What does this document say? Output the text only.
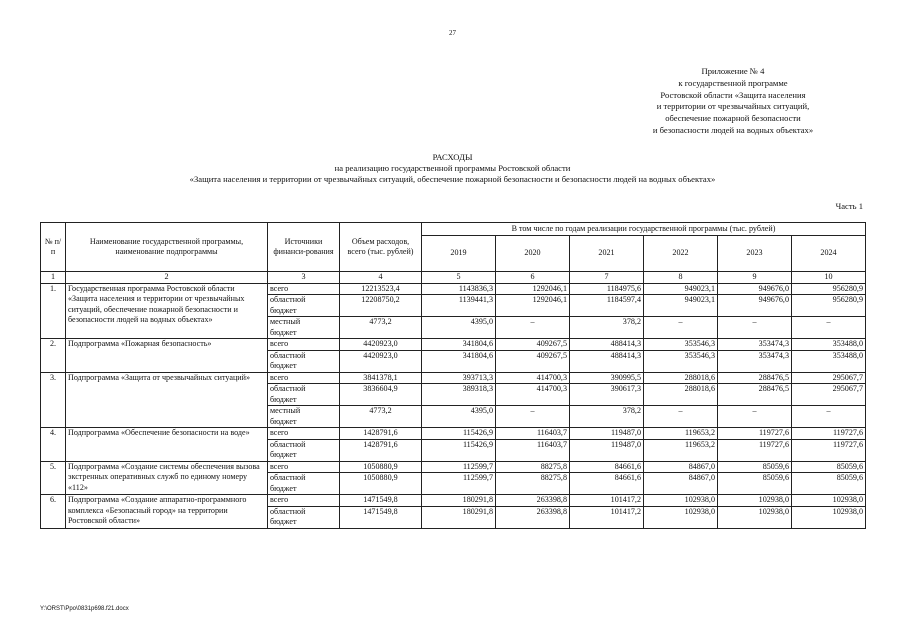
27
Приложение № 4
к государственной программе
Ростовской области «Защита населения
и территории от чрезвычайных ситуаций,
обеспечение пожарной безопасности
и безопасности людей на водных объектах»
РАСХОДЫ
на реализацию государственной программы Ростовской области
«Защита населения и территории от чрезвычайных ситуаций, обеспечение пожарной безопасности и безопасности людей на водных объектах»
Часть 1
№ п/п	Наименование государственной программы, наименование подпрограммы	Источники финанси-рования	Объем расходов, всего (тыс. рублей)	В том числе по годам реализации государственной программы (тыс. рублей)					
				2019	2020	2021	2022	2023	2024
1	2	3	4	5	6	7	8	9	10
1.	Государственная программа Ростовской области «Защита населения и территории от чрезвычайных ситуаций, обеспечение пожарной безопасности и безопасности людей на водных объектах»	всего	12213523,4	1143836,3	1292046,1	1184975,6	949023,1	949676,0	956280,9
		областной бюджет	12208750,2	1139441,3	1292046,1	1184597,4	949023,1	949676,0	956280,9
		местный бюджет	4773,2	4395,0	–	378,2	–	–	–
2.	Подпрограмма «Пожарная безопасность»	всего	4420923,0	341804,6	409267,5	488414,3	353546,3	353474,3	353488,0
		областной бюджет	4420923,0	341804,6	409267,5	488414,3	353546,3	353474,3	353488,0
3.	Подпрограмма «Защита от чрезвычайных ситуаций»	всего	3841378,1	393713,3	414700,3	390995,5	288018,6	288476,5	295067,7
		областной бюджет	3836604,9	389318,3	414700,3	390617,3	288018,6	288476,5	295067,7
		местный бюджет	4773,2	4395,0	–	378,2	–	–	–
4.	Подпрограмма «Обеспечение безопасности на воде»	всего	1428791,6	115426,9	116403,7	119487,0	119653,2	119727,6	119727,6
		областной бюджет	1428791,6	115426,9	116403,7	119487,0	119653,2	119727,6	119727,6
5.	Подпрограмма «Создание системы обеспечения вызова экстренных оперативных служб по единому номеру «112»	всего	1050880,9	112599,7	88275,8	84661,6	84867,0	85059,6	85059,6
		областной бюджет	1050880,9	112599,7	88275,8	84661,6	84867,0	85059,6	85059,6
6.	Подпрограмма «Создание аппаратно-программного комплекса «Безопасный город» на территории Ростовской области»	всего	1471549,8	180291,8	263398,8	101417,2	102938,0	102938,0	102938,0
		областной бюджет	1471549,8	180291,8	263398,8	101417,2	102938,0	102938,0	102938,0
Y:\ORST\Ppo\0831p698.f21.docx
